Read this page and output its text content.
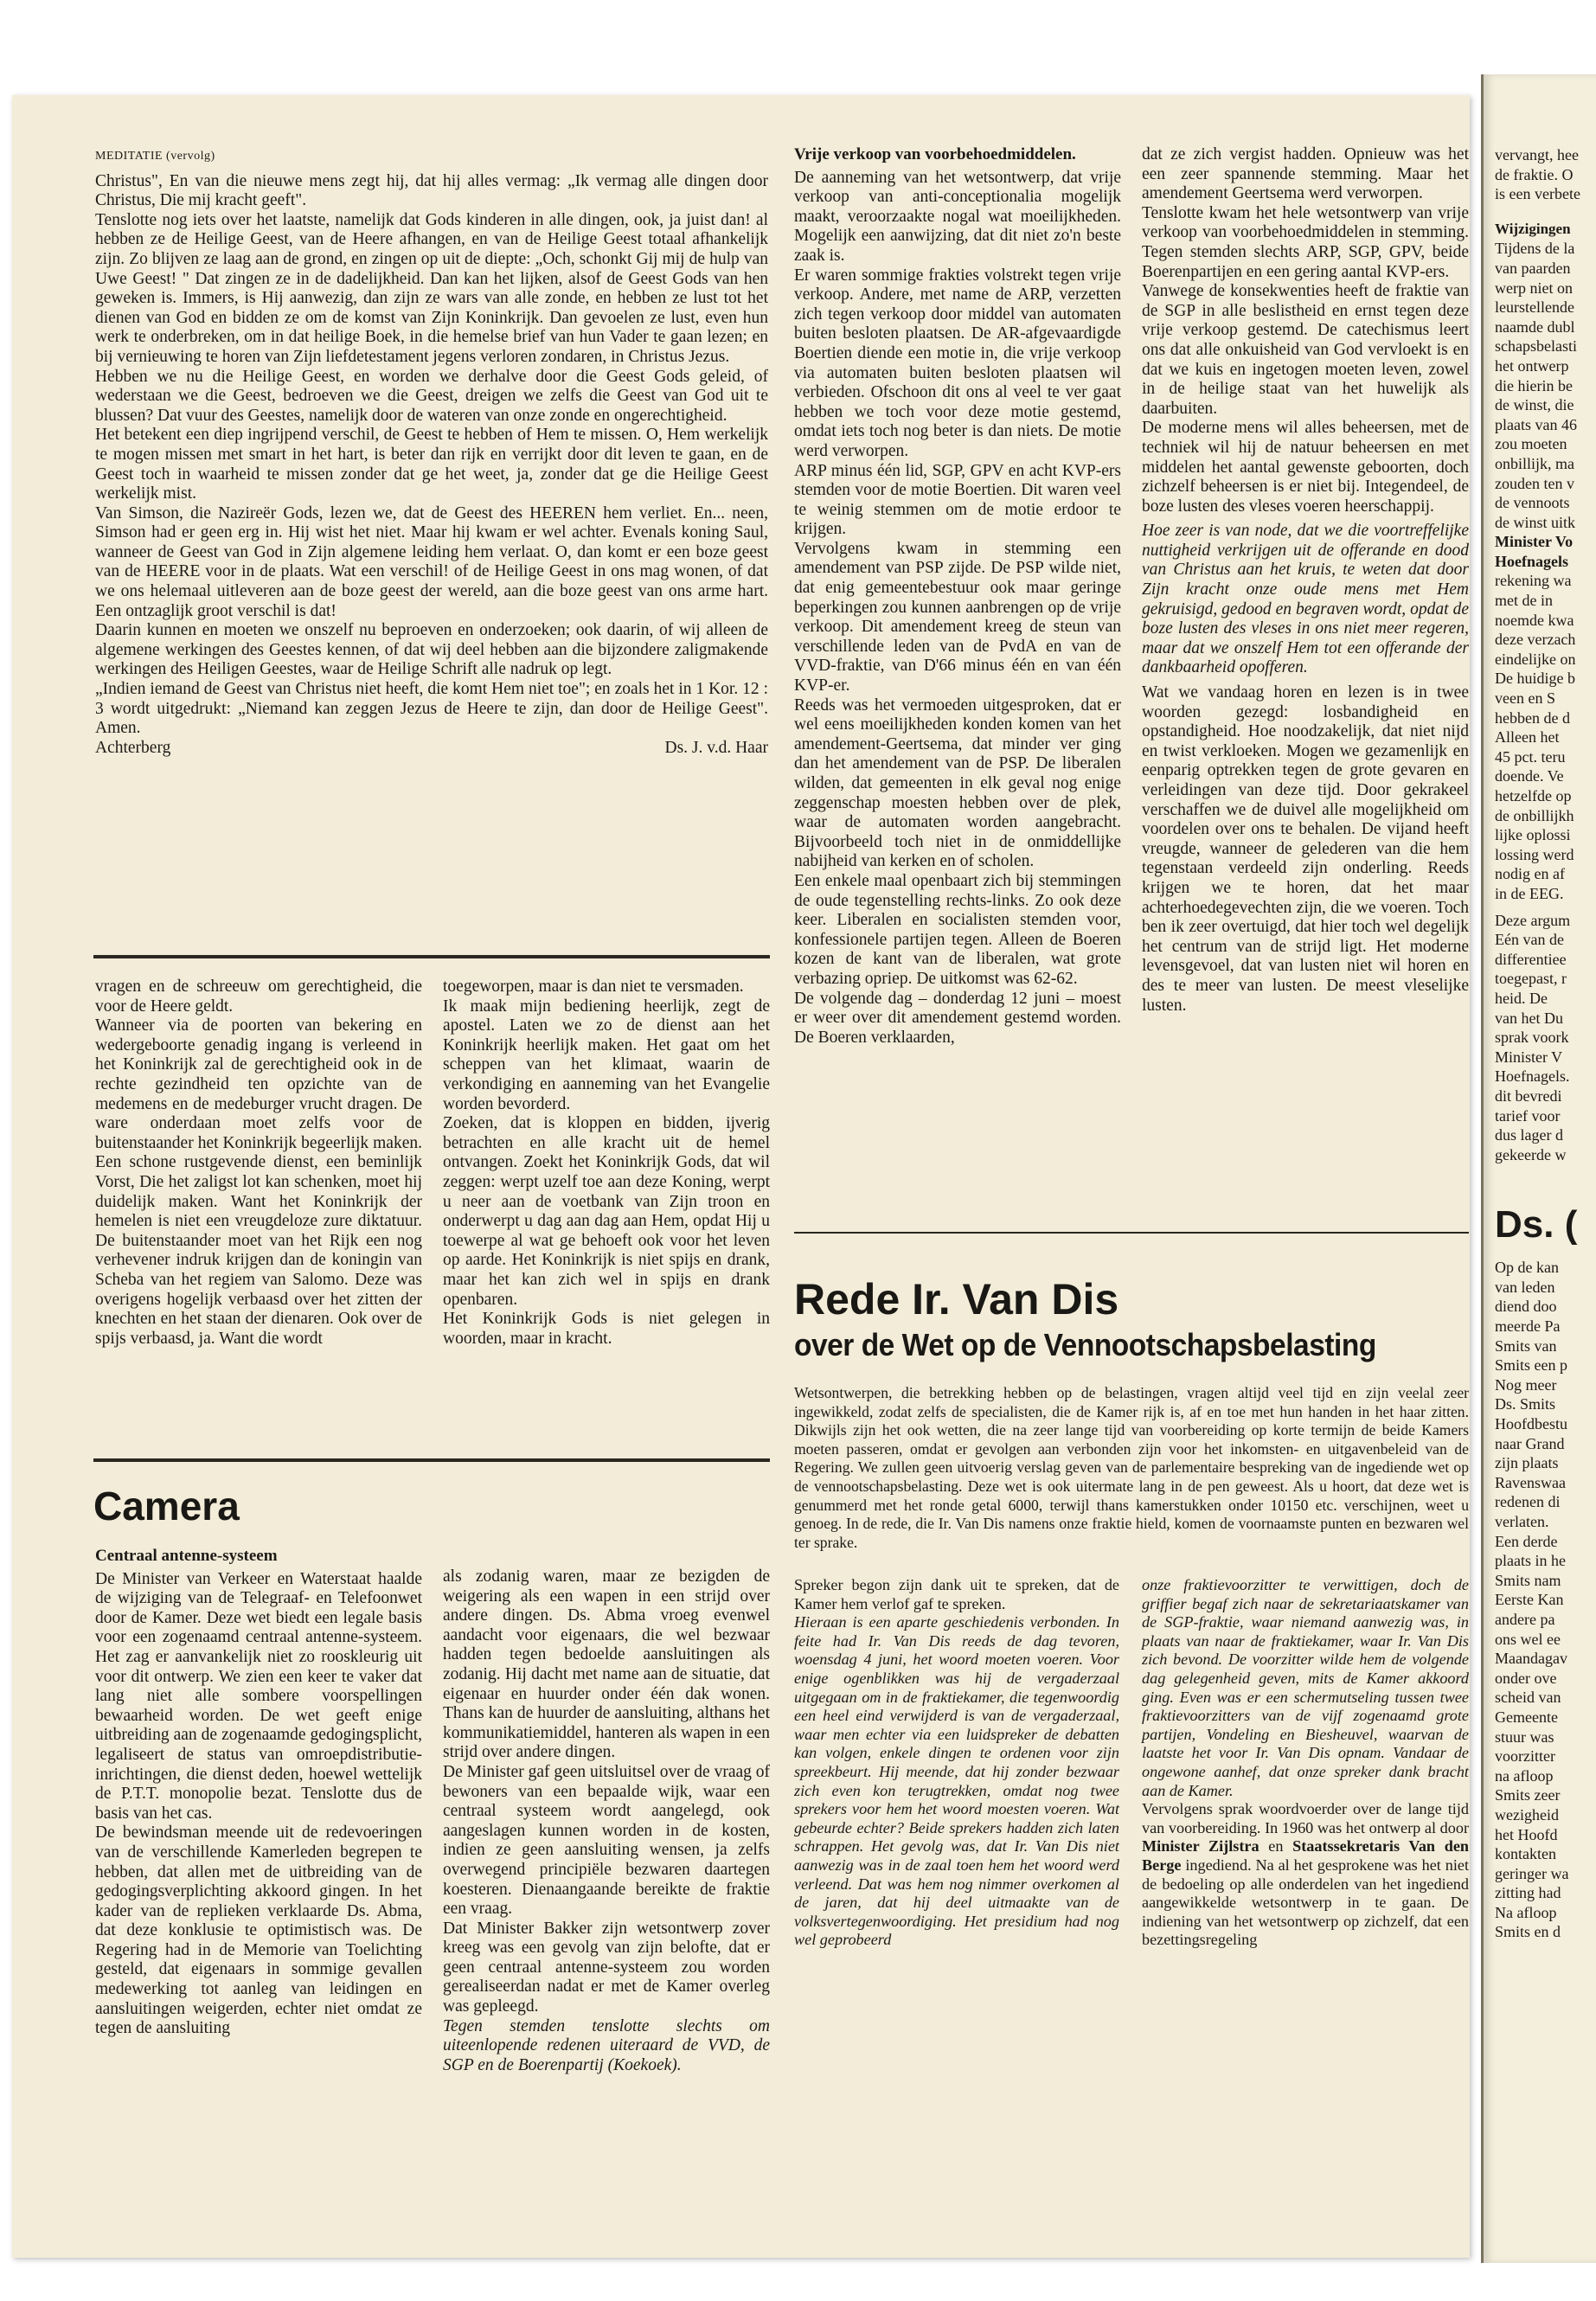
MEDITATIE (vervolg)

Christus", En van die nieuwe mens zegt hij, dat hij alles vermag: „Ik vermag alle dingen door Christus, Die mij kracht geeft".

Tenslotte nog iets over het laatste, namelijk dat Gods kinderen in alle dingen, ook, ja juist dan! al hebben ze de Heilige Geest, van de Heere afhangen, en van de Heilige Geest totaal afhankelijk zijn. Zo blijven ze laag aan de grond, en zingen op uit de diepte: „Och, schonkt Gij mij de hulp van Uwe Geest! " Dat zingen ze in de dadelijkheid. Dan kan het lijken, alsof de Geest Gods van hen geweken is. Immers, is Hij aanwezig, dan zijn ze wars van alle zonde, en hebben ze lust tot het dienen van God en bidden ze om de komst van Zijn Koninkrijk. Dan gevoelen ze lust, even hun werk te onderbreken, om in dat heilige Boek, in die hemelse brief van hun Vader te gaan lezen; en bij vernieuwing te horen van Zijn liefdetestament jegens verloren zondaren, in Christus Jezus.

Hebben we nu die Heilige Geest, en worden we derhalve door die Geest Gods geleid, of wederstaan we die Geest, bedroeven we die Geest, dreigen we zelfs die Geest van God uit te blussen? Dat vuur des Geestes, namelijk door de wateren van onze zonde en ongerechtigheid.

Het betekent een diep ingrijpend verschil, de Geest te hebben of Hem te missen. O, Hem werkelijk te mogen missen met smart in het hart, is beter dan rijk en verrijkt door dit leven te gaan, en de Geest toch in waarheid te missen zonder dat ge het weet, ja, zonder dat ge die Heilige Geest werkelijk mist.

Van Simson, die Nazireër Gods, lezen we, dat de Geest des HEEREN hem verliet. En... neen, Simson had er geen erg in. Hij wist het niet. Maar hij kwam er wel achter. Evenals koning Saul, wanneer de Geest van God in Zijn algemene leiding hem verlaat. O, dan komt er een boze geest van de HEERE voor in de plaats. Wat een verschil! of de Heilige Geest in ons mag wonen, of dat we ons helemaal uitleveren aan de boze geest der wereld, aan die boze geest van ons arme hart. Een ontzaglijk groot verschil is dat!

Daarin kunnen en moeten we onszelf nu beproeven en onderzoeken; ook daarin, of wij alleen de algemene werkingen des Geestes kennen, of dat wij deel hebben aan die bijzondere zaligmakende werkingen des Heiligen Geestes, waar de Heilige Schrift alle nadruk op legt.

„Indien iemand de Geest van Christus niet heeft, die komt Hem niet toe"; en zoals het in 1 Kor. 12 : 3 wordt uitgedrukt: „Niemand kan zeggen Jezus de Heere te zijn, dan door de Heilige Geest". Amen.

Achterberg	Ds. J. v.d. Haar

vragen en de schreeuw om gerechtigheid, die voor de Heere geldt.

Wanneer via de poorten van bekering en wedergeboorte genadig ingang is verleend in het Koninkrijk zal de gerechtigheid ook in de rechte gezindheid ten opzichte van de medemens en de medeburger vrucht dragen. De ware onderdaan moet zelfs voor de buitenstaander het Koninkrijk begeerlijk maken. Een schone rustgevende dienst, een beminlijk Vorst, Die het zaligst lot kan schenken, moet hij duidelijk maken. Want het Koninkrijk der hemelen is niet een vreugdeloze zure diktatuur. De buitenstaander moet van het Rijk een nog verhevener indruk krijgen dan de koningin van Scheba van het regiem van Salomo. Deze was overigens hogelijk verbaasd over het zitten der knechten en het staan der dienaren. Ook over de spijs verbaasd, ja. Want die wordt

toegeworpen, maar is dan niet te versmaden.

Ik maak mijn bediening heerlijk, zegt de apostel. Laten we zo de dienst aan het Koninkrijk heerlijk maken. Het gaat om het scheppen van het klimaat, waarin de verkondiging en aanneming van het Evangelie worden bevorderd.

Zoeken, dat is kloppen en bidden, ijverig betrachten en alle kracht uit de hemel ontvangen. Zoekt het Koninkrijk Gods, dat wil zeggen: werpt uzelf toe aan deze Koning, werpt u neer aan de voetbank van Zijn troon en onderwerpt u dag aan dag aan Hem, opdat Hij u toewerpe al wat ge behoeft ook voor het leven op aarde. Het Koninkrijk is niet spijs en drank, maar het kan zich wel in spijs en drank openbaren.

Het Koninkrijk Gods is niet gelegen in woorden, maar in kracht.

Camera
Centraal antenne-systeem

De Minister van Verkeer en Waterstaat haalde de wijziging van de Telegraaf- en Telefoonwet door de Kamer. Deze wet biedt een legale basis voor een zogenaamd centraal antenne-systeem. Het zag er aanvankelijk niet zo rooskleurig uit voor dit ontwerp. We zien een keer te vaker dat lang niet alle sombere voorspellingen bewaarheid worden. De wet geeft enige uitbreiding aan de zogenaamde gedogingsplicht, legaliseert de status van omroepdistributie-inrichtingen, die dienst deden, hoewel wettelijk de P.T.T. monopolie bezat. Tenslotte dus de basis van het cas.

De bewindsman meende uit de redevoeringen van de verschillende Kamerleden begrepen te hebben, dat allen met de uitbreiding van de gedogingsverplichting akkoord gingen. In het kader van de replieken verklaarde Ds. Abma, dat deze konklusie te optimistisch was. De Regering had in de Memorie van Toelichting gesteld, dat eigenaars in sommige gevallen medewerking tot aanleg van leidingen en aansluitingen weigerden, echter niet omdat ze tegen de aansluiting

als zodanig waren, maar ze bezigden de weigering als een wapen in een strijd over andere dingen. Ds. Abma vroeg evenwel aandacht voor eigenaars, die wel bezwaar hadden tegen bedoelde aansluitingen als zodanig. Hij dacht met name aan de situatie, dat eigenaar en huurder onder één dak wonen. Thans kan de huurder de aansluiting, althans het kommunikatiemiddel, hanteren als wapen in een strijd over andere dingen.

De Minister gaf geen uitsluitsel over de vraag of bewoners van een bepaalde wijk, waar een centraal systeem wordt aangelegd, ook aangeslagen kunnen worden in de kosten, indien ze geen aansluiting wensen, ja zelfs overwegend principiële bezwaren daartegen koesteren. Dienaangaande bereikte de fraktie een vraag.

Dat Minister Bakker zijn wetsontwerp zover kreeg was een gevolg van zijn belofte, dat er geen centraal antenne-systeem zou worden gerealiseerdan nadat er met de Kamer overleg was gepleegd.

Tegen stemden tenslotte slechts om uiteenlopende redenen uiteraard de VVD, de SGP en de Boerenpartij (Koekoek).

Vrije verkoop van voorbehoedmiddelen.

De aanneming van het wetsontwerp, dat vrije verkoop van anti-conceptionalia mogelijk maakt, veroorzaakte nogal wat moeilijkheden. Mogelijk een aanwijzing, dat dit niet zo'n beste zaak is.

Er waren sommige frakties volstrekt tegen vrije verkoop. Andere, met name de ARP, verzetten zich tegen verkoop door middel van automaten buiten besloten plaatsen. De AR-afgevaardigde Boertien diende een motie in, die vrije verkoop via automaten buiten besloten plaatsen wil verbieden. Ofschoon dit ons al veel te ver gaat hebben we toch voor deze motie gestemd, omdat iets toch nog beter is dan niets. De motie werd verworpen.

ARP minus één lid, SGP, GPV en acht KVP-ers stemden voor de motie Boertien. Dit waren veel te weinig stemmen om de motie erdoor te krijgen.

Vervolgens kwam in stemming een amendement van PSP zijde. De PSP wilde niet, dat enig gemeentebestuur ook maar geringe beperkingen zou kunnen aanbrengen op de vrije verkoop. Dit amendement kreeg de steun van verschillende leden van de PvdA en van de VVD-fraktie, van D'66 minus één en van één KVP-er.

Reeds was het vermoeden uitgesproken, dat er wel eens moeilijkheden konden komen van het amendement-Geertsema, dat minder ver ging dan het amendement van de PSP. De liberalen wilden, dat gemeenten in elk geval nog enige zeggenschap moesten hebben over de plek, waar de automaten worden aangebracht. Bijvoorbeeld toch niet in de onmiddellijke nabijheid van kerken en of scholen.

Een enkele maal openbaart zich bij stemmingen de oude tegenstelling rechts-links. Zo ook deze keer. Liberalen en socialisten stemden voor, konfessionele partijen tegen. Alleen de Boeren kozen de kant van de liberalen, wat grote verbazing opriep. De uitkomst was 62-62.

De volgende dag – donderdag 12 juni – moest er weer over dit amendement gestemd worden. De Boeren verklaarden,

dat ze zich vergist hadden. Opnieuw was het een zeer spannende stemming. Maar het amendement Geertsema werd verworpen.

Tenslotte kwam het hele wetsontwerp van vrije verkoop van voorbehoedmiddelen in stemming. Tegen stemden slechts ARP, SGP, GPV, beide Boerenpartijen en een gering aantal KVP-ers.

Vanwege de konsekwenties heeft de fraktie van de SGP in alle beslistheid en ernst tegen deze vrije verkoop gestemd. De catechismus leert ons dat alle onkuisheid van God vervloekt is en dat we kuis en ingetogen moeten leven, zowel in de heilige staat van het huwelijk als daarbuiten.

De moderne mens wil alles beheersen, met de techniek wil hij de natuur beheersen en met middelen het aantal gewenste geboorten, doch zichzelf beheersen is er niet bij. Integendeel, de boze lusten des vleses voeren heerschappij.

Hoe zeer is van node, dat we die voortreffelijke nuttigheid verkrijgen uit de offerande en dood van Christus aan het kruis, te weten dat door Zijn kracht onze oude mens met Hem gekruisigd, gedood en begraven wordt, opdat de boze lusten des vleses in ons niet meer regeren, maar dat we onszelf Hem tot een offerande der dankbaarheid opofferen.

Wat we vandaag horen en lezen is in twee woorden gezegd: losbandigheid en opstandigheid. Hoe noodzakelijk, dat niet nijd en twist verkloeken. Mogen we gezamenlijk en eenparig optrekken tegen de grote gevaren en verleidingen van deze tijd. Door gekrakeel verschaffen we de duivel alle mogelijkheid om voordelen over ons te behalen. De vijand heeft vreugde, wanneer de gelederen van die hem tegenstaan verdeeld zijn onderling. Reeds krijgen we te horen, dat het maar achterhoedegevechten zijn, die we voeren. Toch ben ik zeer overtuigd, dat hier toch wel degelijk het centrum van de strijd ligt. Het moderne levensgevoel, dat van lusten niet wil horen en des te meer van lusten. De meest vleselijke lusten.

Rede Ir. Van Dis
over de Wet op de Vennootschapsbelasting

Wetsontwerpen, die betrekking hebben op de belastingen, vragen altijd veel tijd en zijn veelal zeer ingewikkeld, zodat zelfs de specialisten, die de Kamer rijk is, af en toe met hun handen in het haar zitten. Dikwijls zijn het ook wetten, die na zeer lange tijd van voorbereiding op korte termijn de beide Kamers moeten passeren, omdat er gevolgen aan verbonden zijn voor het inkomsten- en uitgavenbeleid van de Regering. We zullen geen uitvoerig verslag geven van de parlementaire bespreking van de ingediende wet op de vennootschapsbelasting. Deze wet is ook uitermate lang in de pen geweest. Als u hoort, dat deze wet is genummerd met het ronde getal 6000, terwijl thans kamerstukken onder 10150 etc. verschijnen, weet u genoeg. In de rede, die Ir. Van Dis namens onze fraktie hield, komen de voornaamste punten en bezwaren wel ter sprake.

Spreker begon zijn dank uit te spreken, dat de Kamer hem verlof gaf te spreken.

Hieraan is een aparte geschiedenis verbonden. In feite had Ir. Van Dis reeds de dag tevoren, woensdag 4 juni, het woord moeten voeren. Voor enige ogenblikken was hij de vergaderzaal uitgegaan om in de fraktiekamer, die tegenwoordig een heel eind verwijderd is van de vergaderzaal, waar men echter via een luidspreker de debatten kan volgen, enkele dingen te ordenen voor zijn spreekbeurt. Hij meende, dat hij zonder bezwaar zich even kon terugtrekken, omdat nog twee sprekers voor hem het woord moesten voeren. Wat gebeurde echter? Beide sprekers hadden zich laten schrappen. Het gevolg was, dat Ir. Van Dis niet aanwezig was in de zaal toen hem het woord werd verleend. Dat was hem nog nimmer overkomen al de jaren, dat hij deel uitmaakte van de volksvertegenwoordiging. Het presidium had nog wel geprobeerd

onze fraktievoorzitter te verwittigen, doch de griffier begaf zich naar de sekretariaatskamer van de SGP-fraktie, waar niemand aanwezig was, in plaats van naar de fraktiekamer, waar Ir. Van Dis zich bevond. De voorzitter wilde hem de volgende dag gelegenheid geven, mits de Kamer akkoord ging. Even was er een schermutseling tussen twee fraktievoorzitters van de vijf zogenaamd grote partijen, Vondeling en Biesheuvel, waarvan de laatste het voor Ir. Van Dis opnam. Vandaar de ongewone aanhef, dat onze spreker dank bracht aan de Kamer.

Vervolgens sprak woordvoerder over de lange tijd van voorbereiding. In 1960 was het ontwerp al door Minister Zijlstra en Staatssekretaris Van den Berge ingediend. Na al het gesprokene was het niet de bedoeling op alle onderdelen van het ingediend aangewikkelde wetsontwerp in te gaan. De indiening van het wetsontwerp op zichzelf, dat een bezettingsregeling

vervangt, hee
de fraktie. O
is een verbete
Wijzigingen
Tijdens de la
van paarden
werp niet on
leurstellende
naamde dubl
schapsbelasti
het ontwerp
die hierin be
de winst, die
plaats van 46
zou moeten
onbillijk, ma
zouden ten v
de vennoots
de winst uitk
Minister Vo
Hoefnagels
rekening wa
met de in
noemde kwa
deze verzach
eindelijke on
De huidige b
veen en S
hebben de d
Alleen het
45 pct. teru
doende. Ve
hetzelfde op
de onbillijkh
lijke oplossi
lossing werd
nodig en af
in de EEG.
Deze argum
Eén van de
differentiee
toegepast, r
heid. De
van het Du
sprak voork
Minister V
Hoefnagels.
dit bevredi
tarief voor
dus lager d
gekeerde w
Ds. (
Op de kan
van leden
diend doo
meerde Pa
Smits van
Smits een p
Nog meer
Ds. Smits
Hoofdbestu
naar Grand
zijn plaats
Ravenswaa
redenen di
verlaten.
Een derde
plaats in he
Smits nam
Eerste Kan
andere pa
ons wel ee
Maandagav
onder ove
scheid van
Gemeente
stuur was
voorzitter
na afloop
Smits zeer
wezigheid
het Hoofd
kontakten
geringer wa
zitting had
Na afloop
Smits en d
